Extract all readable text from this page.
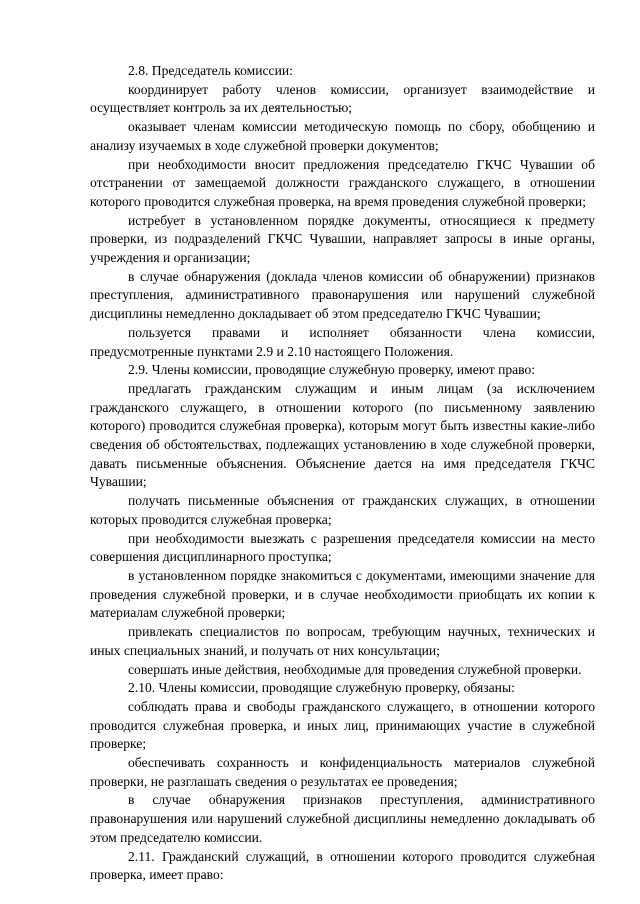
2.8. Председатель комиссии:

координирует работу членов комиссии, организует взаимодействие и осуществляет контроль за их деятельностью;

оказывает членам комиссии методическую помощь по сбору, обобщению и анализу изучаемых в ходе служебной проверки документов;

при необходимости вносит предложения председателю ГКЧС Чувашии об отстранении от замещаемой должности гражданского служащего, в отношении которого проводится служебная проверка, на время проведения служебной проверки;

истребует в установленном порядке документы, относящиеся к предмету проверки, из подразделений ГКЧС Чувашии, направляет запросы в иные органы, учреждения и организации;

в случае обнаружения (доклада членов комиссии об обнаружении) признаков преступления, административного правонарушения или нарушений служебной дисциплины немедленно докладывает об этом председателю ГКЧС Чувашии;

пользуется правами и исполняет обязанности члена комиссии, предусмотренные пунктами 2.9 и 2.10 настоящего Положения.

2.9. Члены комиссии, проводящие служебную проверку, имеют право:

предлагать гражданским служащим и иным лицам (за исключением гражданского служащего, в отношении которого (по письменному заявлению которого) проводится служебная проверка), которым могут быть известны какие-либо сведения об обстоятельствах, подлежащих установлению в ходе служебной проверки, давать письменные объяснения. Объяснение дается на имя председателя ГКЧС Чувашии;

получать письменные объяснения от гражданских служащих, в отношении которых проводится служебная проверка;

при необходимости выезжать с разрешения председателя комиссии на место совершения дисциплинарного проступка;

в установленном порядке знакомиться с документами, имеющими значение для проведения служебной проверки, и в случае необходимости приобщать их копии к материалам служебной проверки;

привлекать специалистов по вопросам, требующим научных, технических и иных специальных знаний, и получать от них консультации;

совершать иные действия, необходимые для проведения служебной проверки.

2.10. Члены комиссии, проводящие служебную проверку, обязаны:

соблюдать права и свободы гражданского служащего, в отношении которого проводится служебная проверка, и иных лиц, принимающих участие в служебной проверке;

обеспечивать сохранность и конфиденциальность материалов служебной проверки, не разглашать сведения о результатах ее проведения;

в случае обнаружения признаков преступления, административного правонарушения или нарушений служебной дисциплины немедленно докладывать об этом председателю комиссии.

2.11. Гражданский служащий, в отношении которого проводится служебная проверка, имеет право:
